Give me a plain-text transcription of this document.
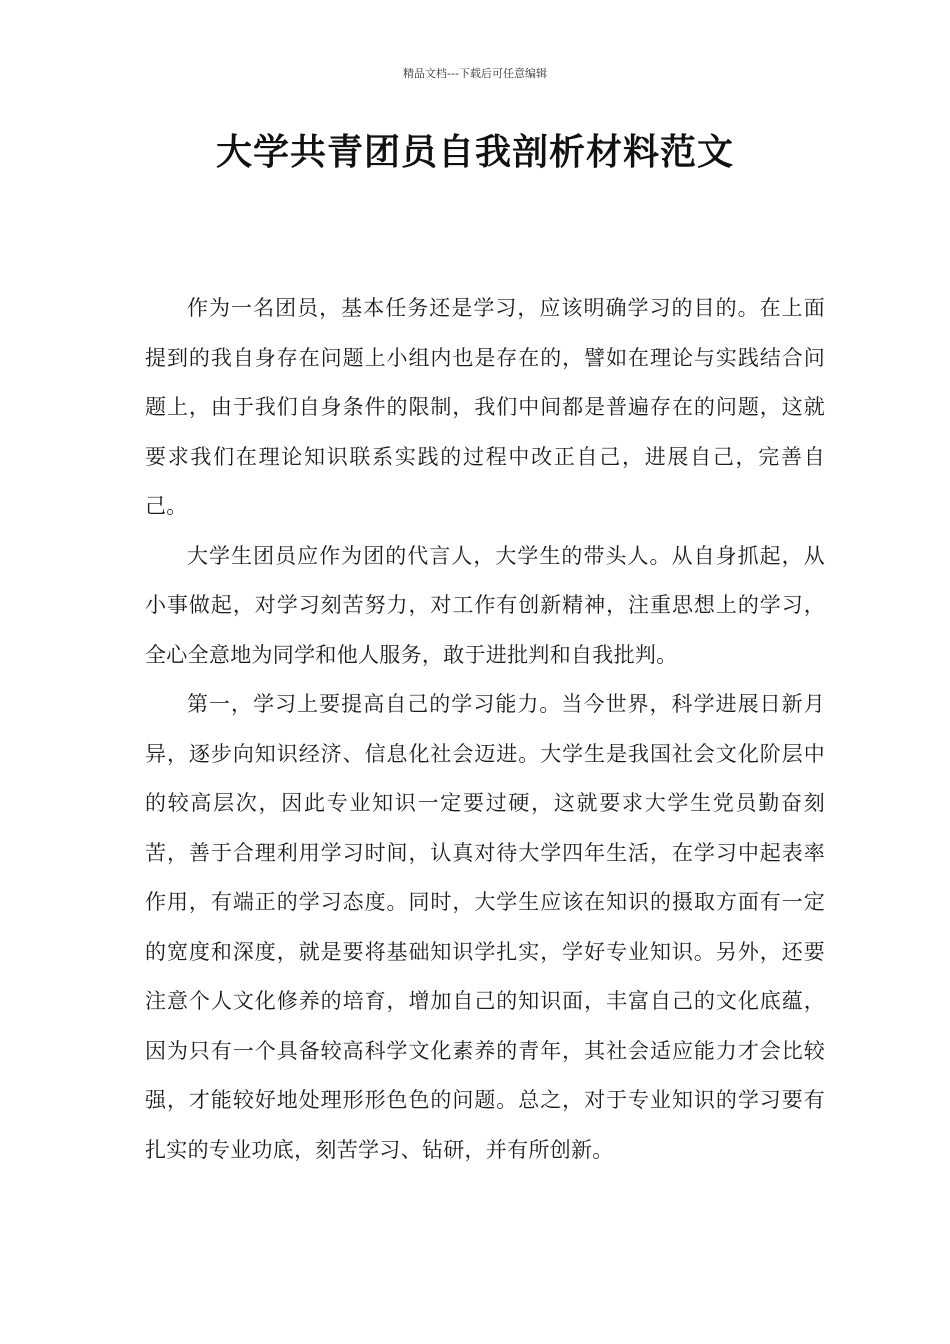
精品文档---下载后可任意编辑
大学共青团员自我剖析材料范文

作为一名团员，基本任务还是学习，应该明确学习的目的。在上面提到的我自身存在问题上小组内也是存在的，譬如在理论与实践结合问题上，由于我们自身条件的限制，我们中间都是普遍存在的问题，这就要求我们在理论知识联系实践的过程中改正自己，进展自己，完善自己。

大学生团员应作为团的代言人，大学生的带头人。从自身抓起，从小事做起，对学习刻苦努力，对工作有创新精神，注重思想上的学习，全心全意地为同学和他人服务，敢于进批判和自我批判。

第一，学习上要提高自己的学习能力。当今世界，科学进展日新月异，逐步向知识经济、信息化社会迈进。大学生是我国社会文化阶层中的较高层次，因此专业知识一定要过硬，这就要求大学生党员勤奋刻苦，善于合理利用学习时间，认真对待大学四年生活，在学习中起表率作用，有端正的学习态度。同时，大学生应该在知识的摄取方面有一定的宽度和深度，就是要将基础知识学扎实，学好专业知识。另外，还要注意个人文化修养的培育，增加自己的知识面，丰富自己的文化底蕴，因为只有一个具备较高科学文化素养的青年，其社会适应能力才会比较强，才能较好地处理形形色色的问题。总之，对于专业知识的学习要有扎实的专业功底，刻苦学习、钻研，并有所创新。
